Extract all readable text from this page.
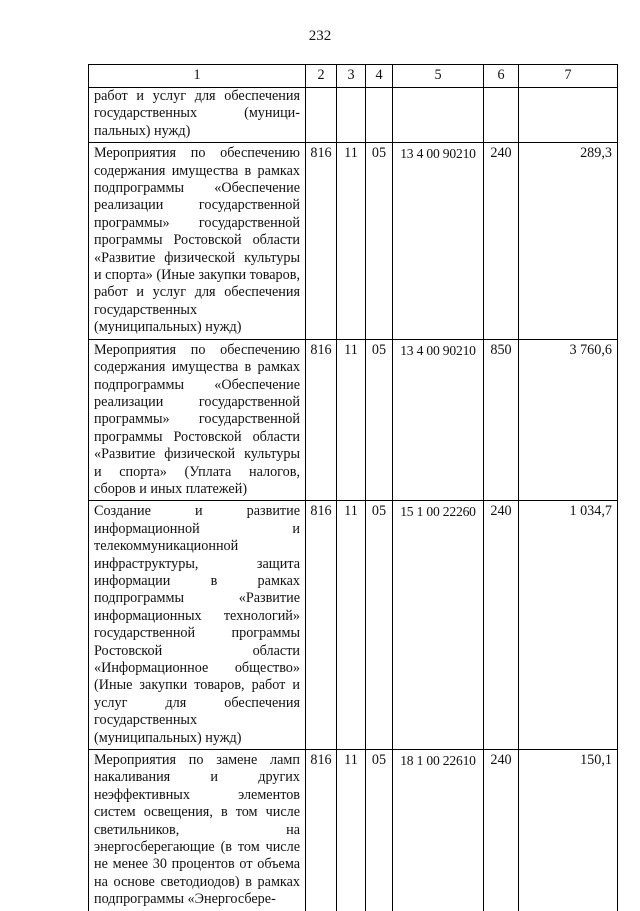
232
1	2	3	4	5	6	7
работ и услуг для обеспечения государственных (муници-пальных) нужд)						
Мероприятия по обеспечению содержания имущества в рамках подпрограммы «Обеспечение реализации государственной программы» государственной программы Ростовской области «Развитие физической культуры и спорта» (Иные закупки товаров, работ и услуг для обеспечения государственных (муниципальных) нужд)	816	11	05	13 4 00 90210	240	289,3
Мероприятия по обеспечению содержания имущества в рамках подпрограммы «Обеспечение реализации государственной программы» государственной программы Ростовской области «Развитие физической культуры и спорта» (Уплата налогов, сборов и иных платежей)	816	11	05	13 4 00 90210	850	3 760,6
Создание и развитие информационной и телекоммуникационной инфраструктуры, защита информации в рамках подпрограммы «Развитие информационных технологий» государственной программы Ростовской области «Информационное общество» (Иные закупки товаров, работ и услуг для обеспечения государственных (муниципальных) нужд)	816	11	05	15 1 00 22260	240	1 034,7
Мероприятия по замене ламп накаливания и других неэффективных элементов систем освещения, в том числе светильников, на энергосберегающие (в том числе не менее 30 процентов от объема на основе светодиодов) в рамках подпрограммы «Энергосбере-	816	11	05	18 1 00 22610	240	150,1
